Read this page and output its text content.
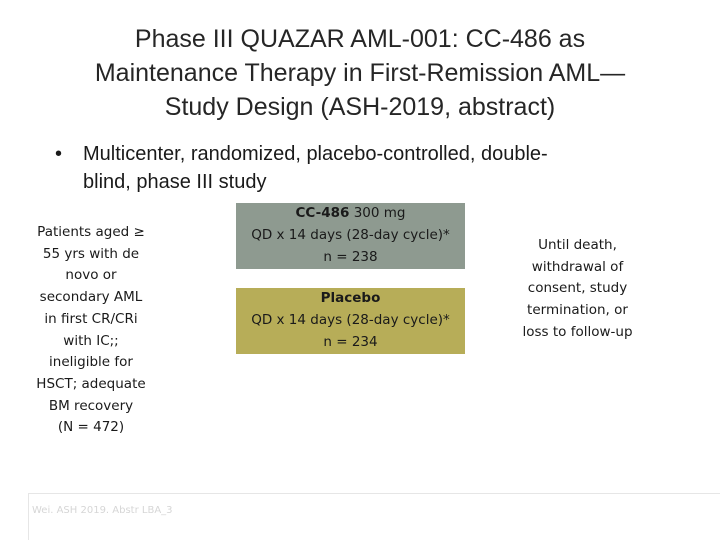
Phase III QUAZAR AML-001: CC-486 as
Maintenance Therapy in First-Remission AML—
Study Design (ASH-2019, abstract)
• Multicenter, randomized, placebo-controlled, double-
blind, phase III study
Patients aged ≥
55 yrs with de
novo or
secondary AML
in first CR/CRi
with IC;;
ineligible for
HSCT; adequate
BM recovery
(N = 472)
CC-486 300 mg
QD x 14 days (28-day cycle)*
n = 238
Placebo
QD x 14 days (28-day cycle)*
n = 234
Until death,
withdrawal of
consent, study
termination, or
loss to follow-up
Wei. ASH 2019. Abstr LBA_3
